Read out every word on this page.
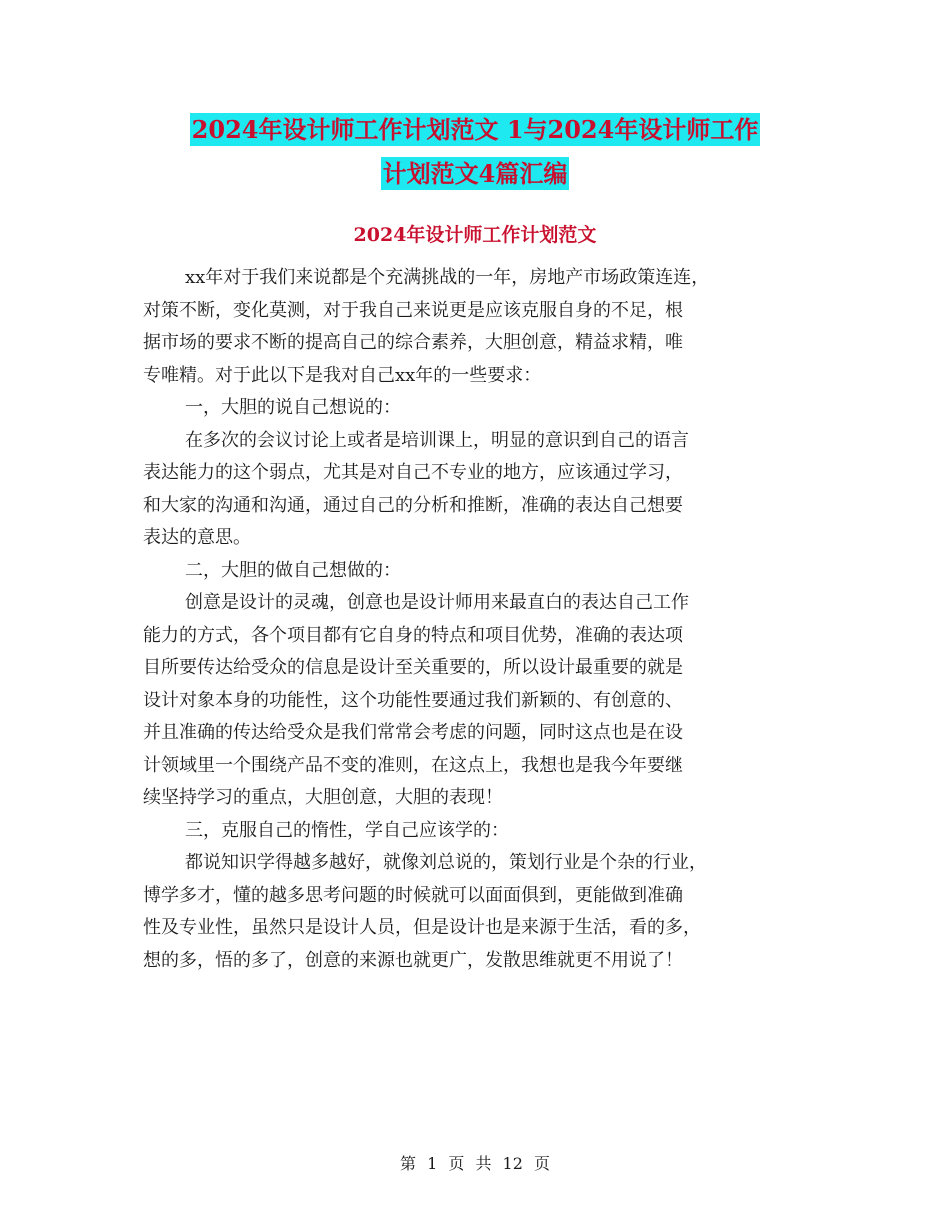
2024年设计师工作计划范文 1与2024年设计师工作
计划范文4篇汇编
2024年设计师工作计划范文
xx年对于我们来说都是个充满挑战的一年，房地产市场政策连连，
对策不断，变化莫测，对于我自己来说更是应该克服自身的不足，根
据市场的要求不断的提高自己的综合素养，大胆创意，精益求精，唯
专唯精。对于此以下是我对自己xx年的一些要求：
一，大胆的说自己想说的：
在多次的会议讨论上或者是培训课上，明显的意识到自己的语言
表达能力的这个弱点，尤其是对自己不专业的地方，应该通过学习，
和大家的沟通和沟通，通过自己的分析和推断，准确的表达自己想要
表达的意思。
二，大胆的做自己想做的：
创意是设计的灵魂，创意也是设计师用来最直白的表达自己工作
能力的方式，各个项目都有它自身的特点和项目优势，准确的表达项
目所要传达给受众的信息是设计至关重要的，所以设计最重要的就是
设计对象本身的功能性，这个功能性要通过我们新颖的、有创意的、
并且准确的传达给受众是我们常常会考虑的问题，同时这点也是在设
计领域里一个围绕产品不变的准则，在这点上，我想也是我今年要继
续坚持学习的重点，大胆创意，大胆的表现！
三，克服自己的惰性，学自己应该学的：
都说知识学得越多越好，就像刘总说的，策划行业是个杂的行业，
博学多才，懂的越多思考问题的时候就可以面面俱到，更能做到准确
性及专业性，虽然只是设计人员，但是设计也是来源于生活，看的多，
想的多，悟的多了，创意的来源也就更广，发散思维就更不用说了！
第 1 页 共 12 页
